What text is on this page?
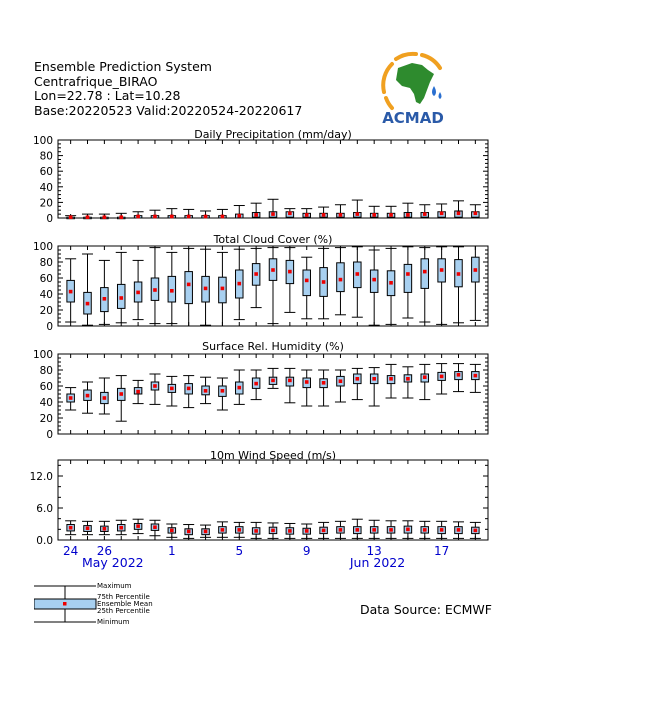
Ensemble Prediction System
Centrafrique_BIRAO
Lon=22.78 : Lat=10.28
Base:20220523 Valid:20220524-20220617	ACMAD
0
20
40
60
80
100	Daily Precipitation (mm/day)
0
20
40
60
80
100
Total Cloud Cover (%)
0
20
40
60
80
100
Surface Rel. Humidity (%)
0.0
6.0
12.0
10m Wind Speed (m/s)
24 26	1	5	9	13	17
May 2022	Jun 2022
Maximum
75th Percentile
Ensemble Mean
25th Percentile
Minimum
Data Source: ECMWF
